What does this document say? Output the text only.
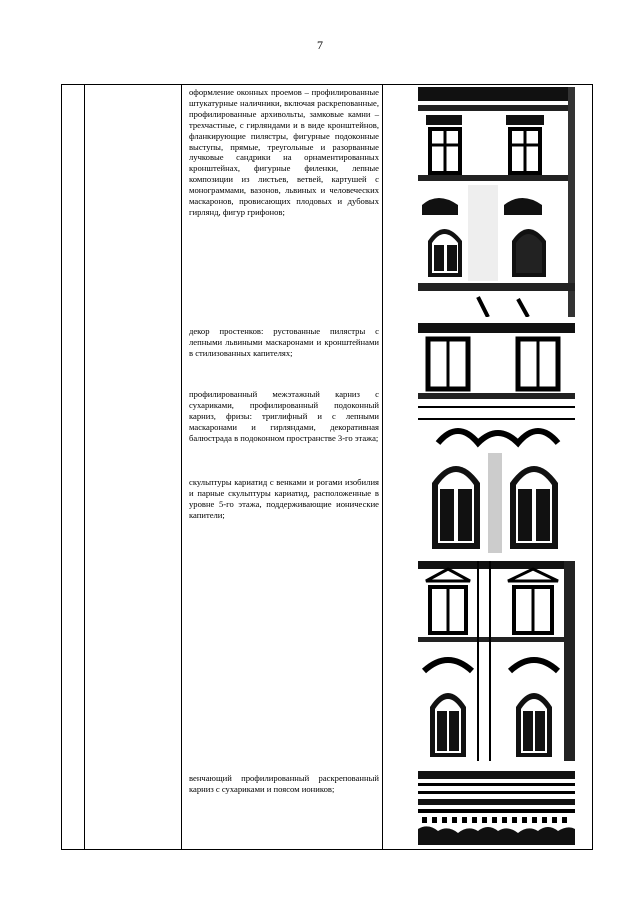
7
оформление оконных проемов – профилированные штукатурные наличники, включая раскрепованные, профилированные архивольты, замковые камни – трехчастные, с гирляндами и в виде кронштейнов, фланкирующие пилястры, фигурные подоконные выступы, прямые, треугольные и разорванные лучковые сандрики на орнаментированных кронштейнах, фигурные филенки, лепные композиции из листьев, ветвей, картушей с монограммами, вазонов, львиных и человеческих маскаронов, провисающих плодовых и дубовых гирлянд, фигур грифонов;
декор простенков: рустованные пилястры с лепными львиными маскаронами и кронштейнами в стилизованных капителях;
профилированный межэтажный карниз с сухариками, профилированный подоконный карниз, фризы: триглифный и с лепными маскаронами и гирляндами, декоративная балюстрада в подоконном пространстве 3-го этажа;
скульптуры кариатид с венками и рогами изобилия и парные скульптуры кариатид, расположенные в уровне 5-го этажа, поддерживающие ионические капители;
венчающий профилированный раскрепованный карниз с сухариками и поясом иоников;
